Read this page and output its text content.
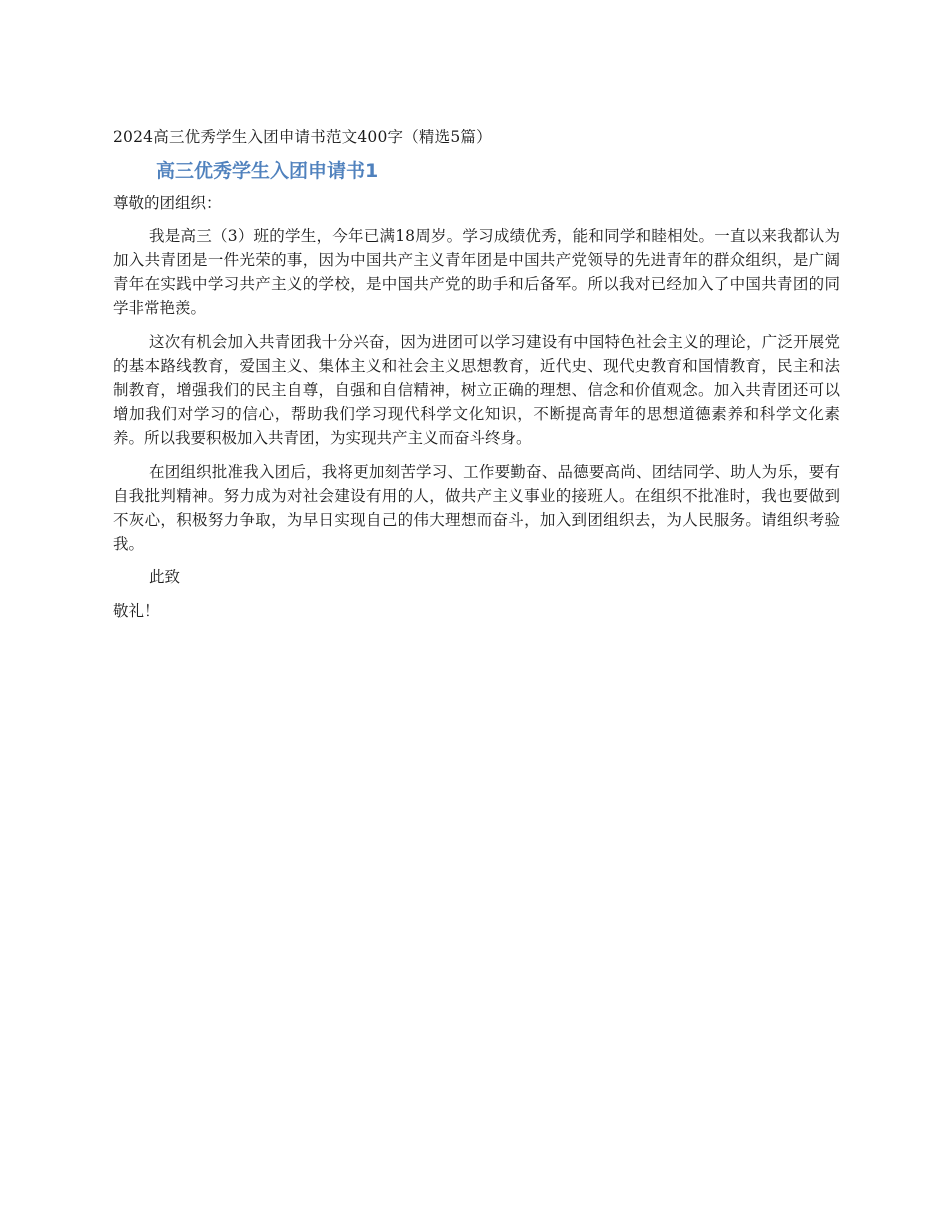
2024高三优秀学生入团申请书范文400字（精选5篇）
高三优秀学生入团申请书1
尊敬的团组织：

我是高三（3）班的学生，今年已满18周岁。学习成绩优秀，能和同学和睦相处。一直以来我都认为加入共青团是一件光荣的事，因为中国共产主义青年团是中国共产党领导的先进青年的群众组织，是广阔青年在实践中学习共产主义的学校，是中国共产党的助手和后备军。所以我对已经加入了中国共青团的同学非常艳羡。

这次有机会加入共青团我十分兴奋，因为进团可以学习建设有中国特色社会主义的理论，广泛开展党的基本路线教育，爱国主义、集体主义和社会主义思想教育，近代史、现代史教育和国情教育，民主和法制教育，增强我们的民主自尊，自强和自信精神，树立正确的理想、信念和价值观念。加入共青团还可以增加我们对学习的信心，帮助我们学习现代科学文化知识，不断提高青年的思想道德素养和科学文化素养。所以我要积极加入共青团，为实现共产主义而奋斗终身。

在团组织批准我入团后，我将更加刻苦学习、工作要勤奋、品德要高尚、团结同学、助人为乐，要有自我批判精神。努力成为对社会建设有用的人，做共产主义事业的接班人。在组织不批准时，我也要做到不灰心，积极努力争取，为早日实现自己的伟大理想而奋斗，加入到团组织去，为人民服务。请组织考验我。

此致
敬礼！
